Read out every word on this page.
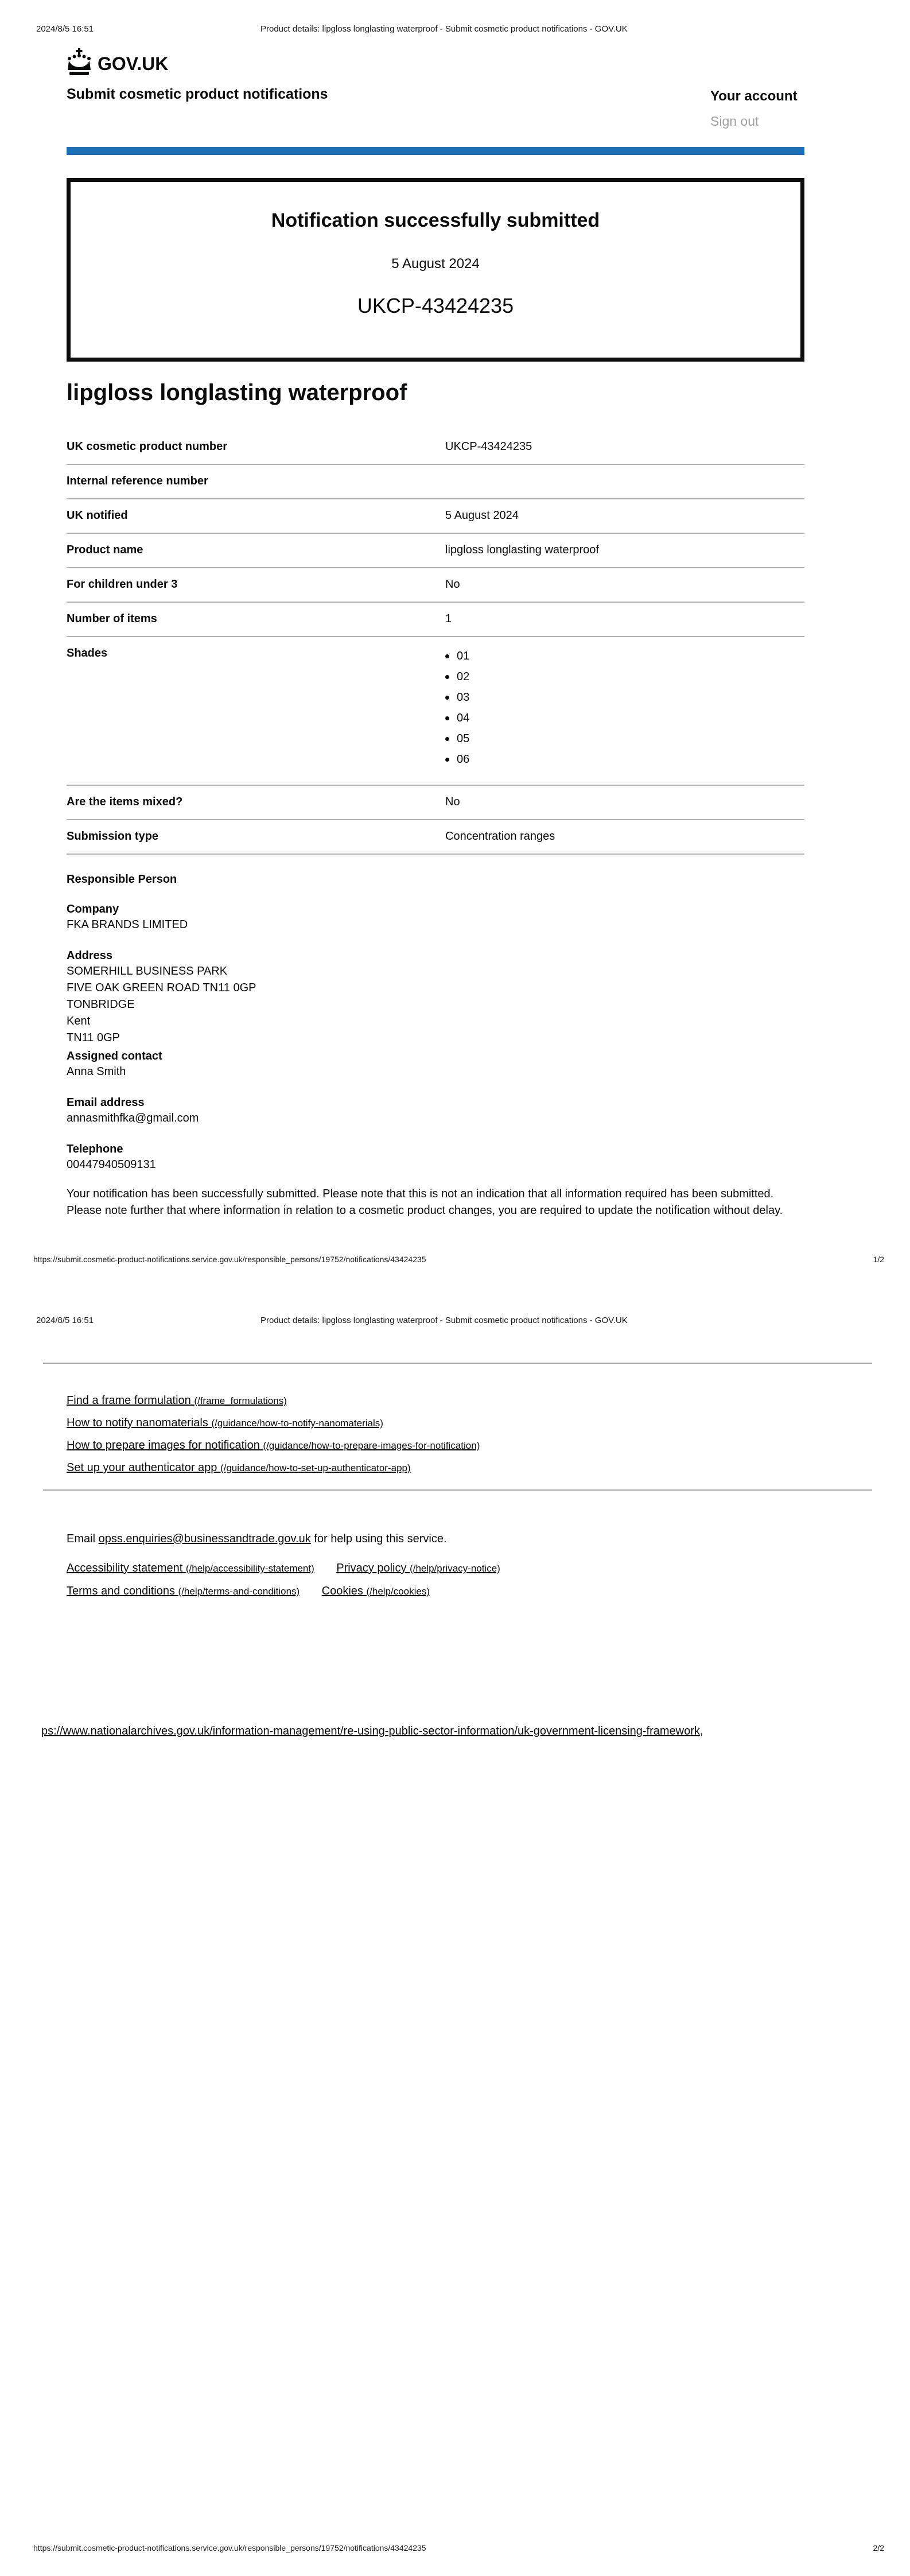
2024/8/5 16:51	Product details: lipgloss longlasting waterproof - Submit cosmetic product notifications - GOV.UK
GOV.UK
Submit cosmetic product notifications	Your account
Sign out
Notification successfully submitted
5 August 2024
UKCP-43424235
lipgloss longlasting waterproof
UK cosmetic product number	UKCP-43424235
Internal reference number
UK notified	5 August 2024
Product name	lipgloss longlasting waterproof
For children under 3	No
Number of items	1
Shades	01
02
03
04
05
06
Are the items mixed?	No
Submission type	Concentration ranges
Responsible Person
Company

FKA BRANDS LIMITED

Address

SOMERHILL BUSINESS PARK

FIVE OAK GREEN ROAD TN11 0GP

TONBRIDGE

Kent

TN11 0GP

Assigned contact

Anna Smith

Email address

annasmithfka@gmail.com

Telephone

00447940509131

Your notification has been successfully submitted. Please note that this is not an indication that all information required has been submitted. Please note further that where information in relation to a cosmetic product changes, you are required to update the notification without delay.
https://submit.cosmetic-product-notifications.service.gov.uk/responsible_persons/19752/notifications/43424235	1/2
2024/8/5 16:51	Product details: lipgloss longlasting waterproof - Submit cosmetic product notifications - GOV.UK
Find a frame formulation (/frame_formulations)
How to notify nanomaterials (/guidance/how-to-notify-nanomaterials)
How to prepare images for notification (/guidance/how-to-prepare-images-for-notification)
Set up your authenticator app (/guidance/how-to-set-up-authenticator-app)
Email opss.enquiries@businessandtrade.gov.uk for help using this service.
Accessibility statement (/help/accessibility-statement) Privacy policy (/help/privacy-notice)
Terms and conditions (/help/terms-and-conditions) Cookies (/help/cookies)
ps://www.nationalarchives.gov.uk/information-management/re-using-public-sector-information/uk-government-licensing-framework,
https://submit.cosmetic-product-notifications.service.gov.uk/responsible_persons/19752/notifications/43424235	2/2
